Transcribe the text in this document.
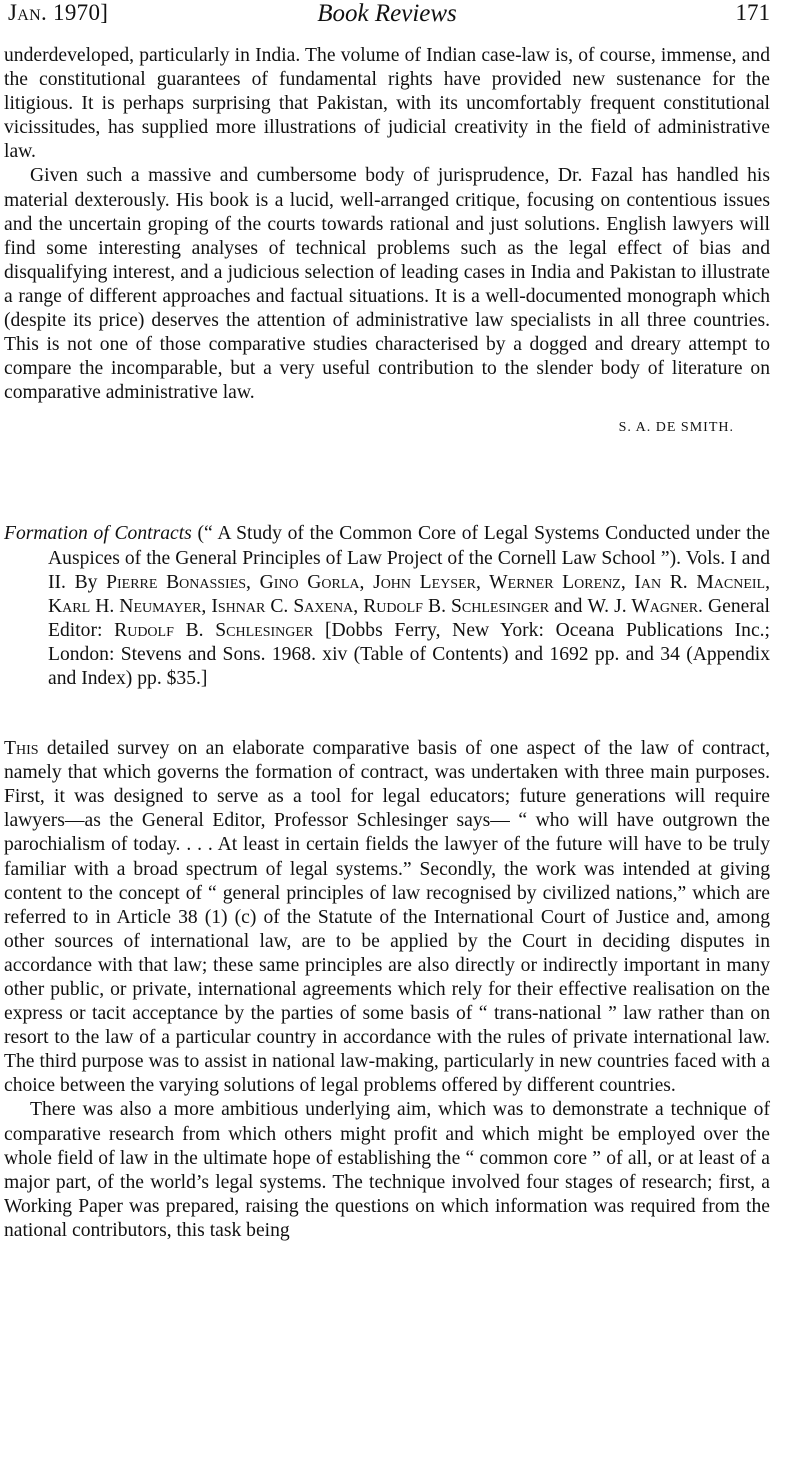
Jan. 1970]	Book Reviews	171

underdeveloped, particularly in India. The volume of Indian case-law is, of course, immense, and the constitutional guarantees of fundamental rights have provided new sustenance for the litigious. It is perhaps surprising that Pakistan, with its uncomfortably frequent constitutional vicissitudes, has supplied more illustrations of judicial creativity in the field of administrative law.

Given such a massive and cumbersome body of jurisprudence, Dr. Fazal has handled his material dexterously. His book is a lucid, well-arranged critique, focusing on contentious issues and the uncertain groping of the courts towards rational and just solutions. English lawyers will find some interesting analyses of technical problems such as the legal effect of bias and disqualifying interest, and a judicious selection of leading cases in India and Pakistan to illustrate a range of different approaches and factual situations. It is a well-documented monograph which (despite its price) deserves the attention of administrative law specialists in all three countries. This is not one of those comparative studies characterised by a dogged and dreary attempt to compare the incomparable, but a very useful contribution to the slender body of literature on comparative administrative law.

S. A. DE SMITH.
Formation of Contracts (“ A Study of the Common Core of Legal Systems Conducted under the Auspices of the General Principles of Law Project of the Cornell Law School ”). Vols. I and II. By Pierre Bonassies, Gino Gorla, John Leyser, Werner Lorenz, Ian R. Macneil, Karl H. Neumayer, Ishnar C. Saxena, Rudolf B. Schlesinger and W. J. Wagner. General Editor: Rudolf B. Schlesinger [Dobbs Ferry, New York: Oceana Publications Inc.; London: Stevens and Sons. 1968. xiv (Table of Contents) and 1692 pp. and 34 (Appendix and Index) pp. $35.]

This detailed survey on an elaborate comparative basis of one aspect of the law of contract, namely that which governs the formation of contract, was undertaken with three main purposes. First, it was designed to serve as a tool for legal educators; future generations will require lawyers—as the General Editor, Professor Schlesinger says— “ who will have outgrown the parochialism of today. . . . At least in certain fields the lawyer of the future will have to be truly familiar with a broad spectrum of legal systems.” Secondly, the work was intended at giving content to the concept of “ general principles of law recognised by civilized nations,” which are referred to in Article 38 (1) (c) of the Statute of the International Court of Justice and, among other sources of international law, are to be applied by the Court in deciding disputes in accordance with that law; these same principles are also directly or indirectly important in many other public, or private, international agreements which rely for their effective realisation on the express or tacit acceptance by the parties of some basis of “ trans-national ” law rather than on resort to the law of a particular country in accordance with the rules of private international law. The third purpose was to assist in national law-making, particularly in new countries faced with a choice between the varying solutions of legal problems offered by different countries.

There was also a more ambitious underlying aim, which was to demonstrate a technique of comparative research from which others might profit and which might be employed over the whole field of law in the ultimate hope of establishing the “ common core ” of all, or at least of a major part, of the world’s legal systems. The technique involved four stages of research; first, a Working Paper was prepared, raising the questions on which information was required from the national contributors, this task being
